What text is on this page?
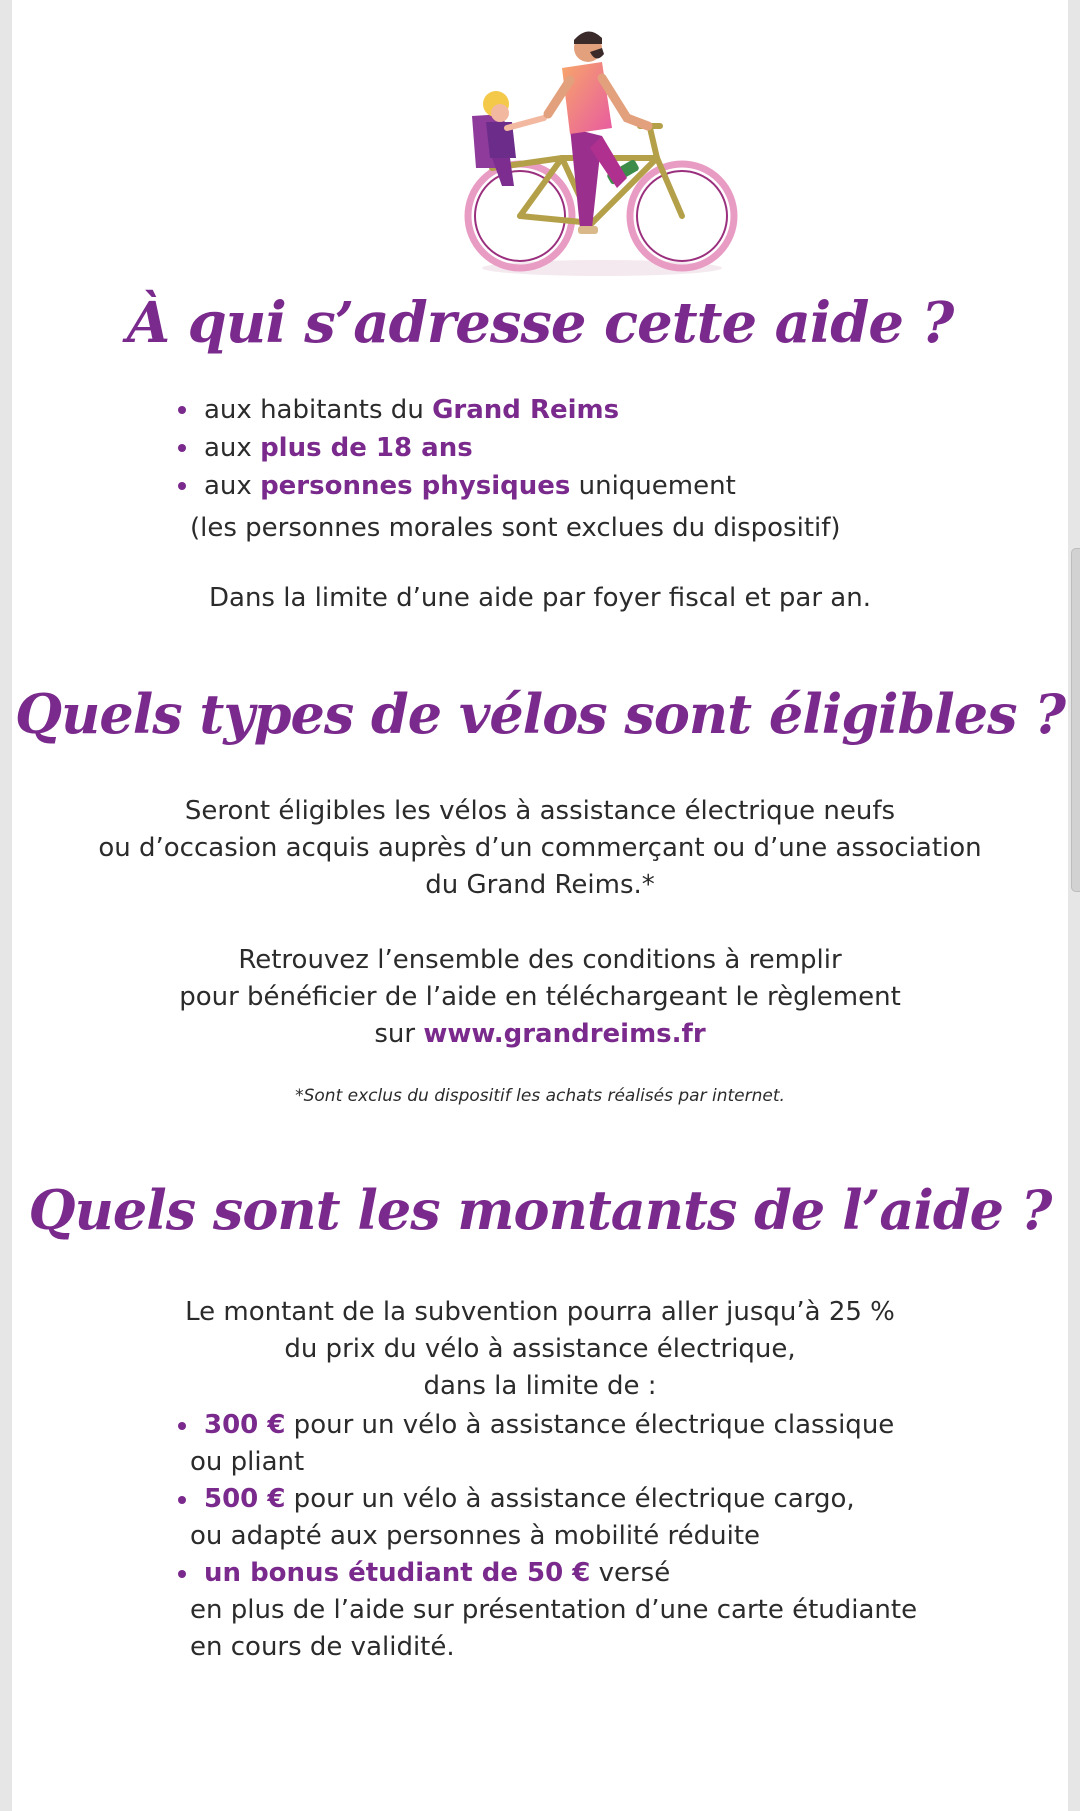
À qui s’adresse cette aide ?
aux habitants du Grand Reims
aux plus de 18 ans
aux personnes physiques uniquement
(les personnes morales sont exclues du dispositif)
Dans la limite d’une aide par foyer fiscal et par an.
Quels types de vélos sont éligibles ?
Seront éligibles les vélos à assistance électrique neufs
ou d’occasion acquis auprès d’un commerçant ou d’une association
du Grand Reims.*
Retrouvez l’ensemble des conditions à remplir
pour bénéficier de l’aide en téléchargeant le règlement
sur www.grandreims.fr
*Sont exclus du dispositif les achats réalisés par internet.
Quels sont les montants de l’aide ?
Le montant de la subvention pourra aller jusqu’à 25 %
du prix du vélo à assistance électrique,
dans la limite de :
300 € pour un vélo à assistance électrique classique
ou pliant
500 € pour un vélo à assistance électrique cargo,
ou adapté aux personnes à mobilité réduite
un bonus étudiant de 50 € versé
en plus de l’aide sur présentation d’une carte étudiante
en cours de validité.
